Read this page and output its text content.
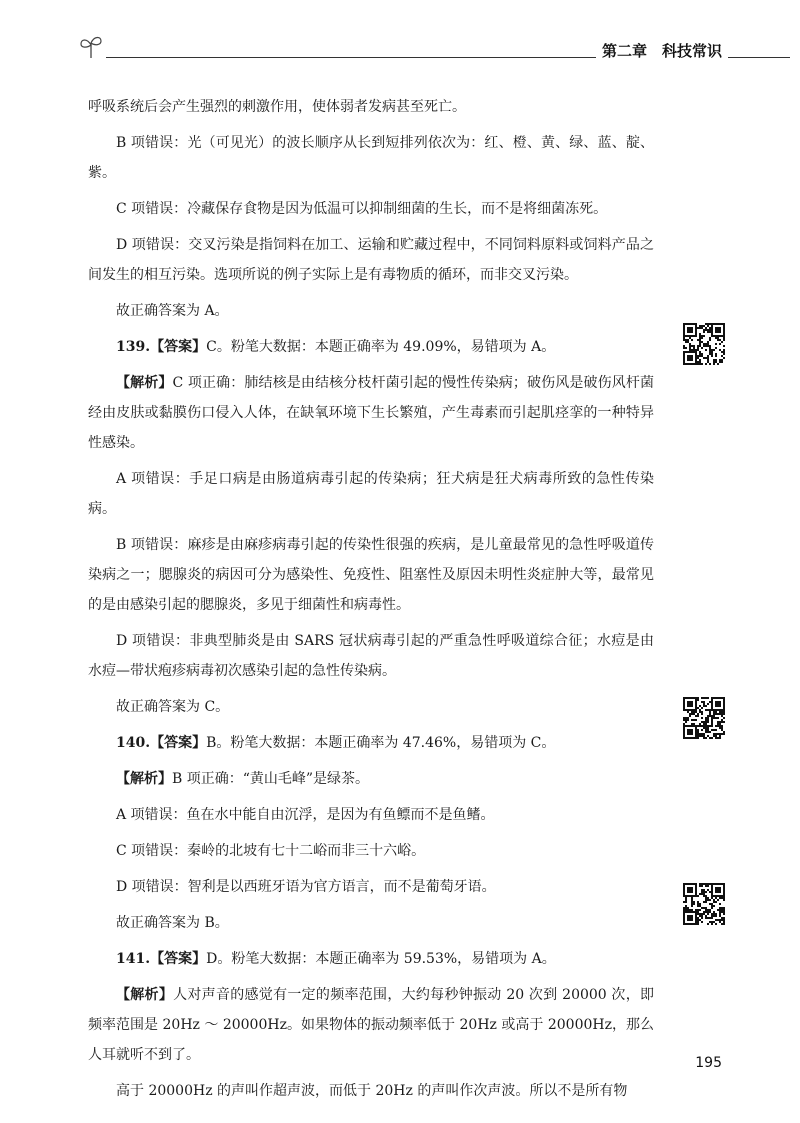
第二章　科技常识

呼吸系统后会产生强烈的刺激作用，使体弱者发病甚至死亡。

B 项错误：光（可见光）的波长顺序从长到短排列依次为：红、橙、黄、绿、蓝、靛、紫。

C 项错误：冷藏保存食物是因为低温可以抑制细菌的生长，而不是将细菌冻死。

D 项错误：交叉污染是指饲料在加工、运输和贮藏过程中，不同饲料原料或饲料产品之间发生的相互污染。选项所说的例子实际上是有毒物质的循环，而非交叉污染。

故正确答案为 A。

139.【答案】C。粉笔大数据：本题正确率为 49.09%，易错项为 A。

【解析】C 项正确：肺结核是由结核分枝杆菌引起的慢性传染病；破伤风是破伤风杆菌经由皮肤或黏膜伤口侵入人体，在缺氧环境下生长繁殖，产生毒素而引起肌痉挛的一种特异性感染。

A 项错误：手足口病是由肠道病毒引起的传染病；狂犬病是狂犬病毒所致的急性传染病。

B 项错误：麻疹是由麻疹病毒引起的传染性很强的疾病，是儿童最常见的急性呼吸道传染病之一；腮腺炎的病因可分为感染性、免疫性、阻塞性及原因未明性炎症肿大等，最常见的是由感染引起的腮腺炎，多见于细菌性和病毒性。

D 项错误：非典型肺炎是由 SARS 冠状病毒引起的严重急性呼吸道综合征；水痘是由水痘—带状疱疹病毒初次感染引起的急性传染病。

故正确答案为 C。

140.【答案】B。粉笔大数据：本题正确率为 47.46%，易错项为 C。

【解析】B 项正确：“黄山毛峰”是绿茶。

A 项错误：鱼在水中能自由沉浮，是因为有鱼鳔而不是鱼鳍。

C 项错误：秦岭的北坡有七十二峪而非三十六峪。

D 项错误：智利是以西班牙语为官方语言，而不是葡萄牙语。

故正确答案为 B。

141.【答案】D。粉笔大数据：本题正确率为 59.53%，易错项为 A。

【解析】人对声音的感觉有一定的频率范围，大约每秒钟振动 20 次到 20000 次，即频率范围是 20Hz ～ 20000Hz。如果物体的振动频率低于 20Hz 或高于 20000Hz，那么人耳就听不到了。

高于 20000Hz 的声叫作超声波，而低于 20Hz 的声叫作次声波。所以不是所有物

195
